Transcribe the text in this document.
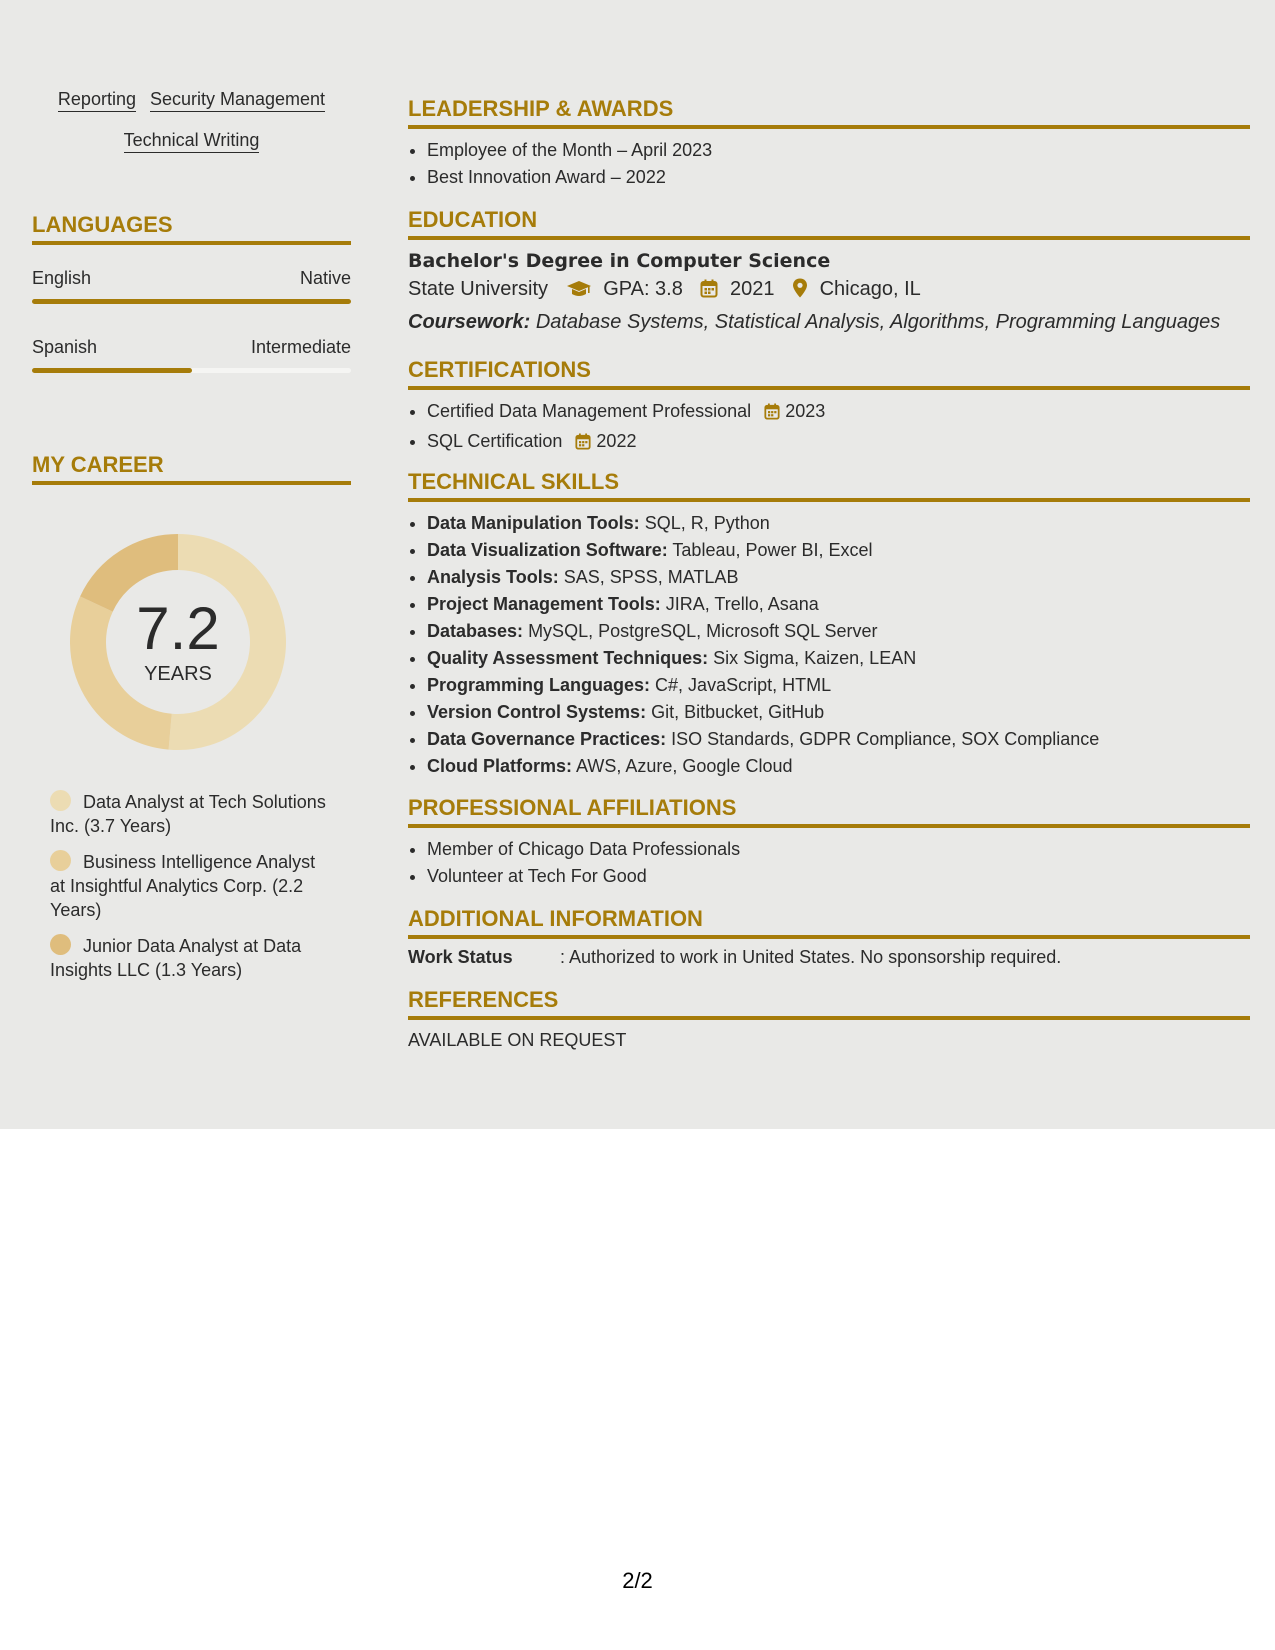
Reporting Security Management
Technical Writing
LANGUAGES
English	Native
Spanish	Intermediate
MY CAREER
7.2
YEARS
Data Analyst at Tech Solutions Inc. (3.7 Years)
Business Intelligence Analyst at Insightful Analytics Corp. (2.2 Years)
Junior Data Analyst at Data Insights LLC (1.3 Years)
LEADERSHIP & AWARDS
• Employee of the Month – April 2023
• Best Innovation Award – 2022
EDUCATION
Bachelor's Degree in Computer Science
State University	GPA: 3.8 2021 Chicago, IL
Coursework: Database Systems, Statistical Analysis, Algorithms, Programming Languages
CERTIFICATIONS
• Certified Data Management Professional 2023
• SQL Certification 2022
TECHNICAL SKILLS
• Data Manipulation Tools: SQL, R, Python
• Data Visualization Software: Tableau, Power BI, Excel
• Analysis Tools: SAS, SPSS, MATLAB
• Project Management Tools: JIRA, Trello, Asana
• Databases: MySQL, PostgreSQL, Microsoft SQL Server
• Quality Assessment Techniques: Six Sigma, Kaizen, LEAN
• Programming Languages: C#, JavaScript, HTML
• Version Control Systems: Git, Bitbucket, GitHub
• Data Governance Practices: ISO Standards, GDPR Compliance, SOX Compliance
• Cloud Platforms: AWS, Azure, Google Cloud
PROFESSIONAL AFFILIATIONS
• Member of Chicago Data Professionals
• Volunteer at Tech For Good
ADDITIONAL INFORMATION
Work Status	: Authorized to work in United States. No sponsorship required.
REFERENCES
AVAILABLE ON REQUEST
2/2
